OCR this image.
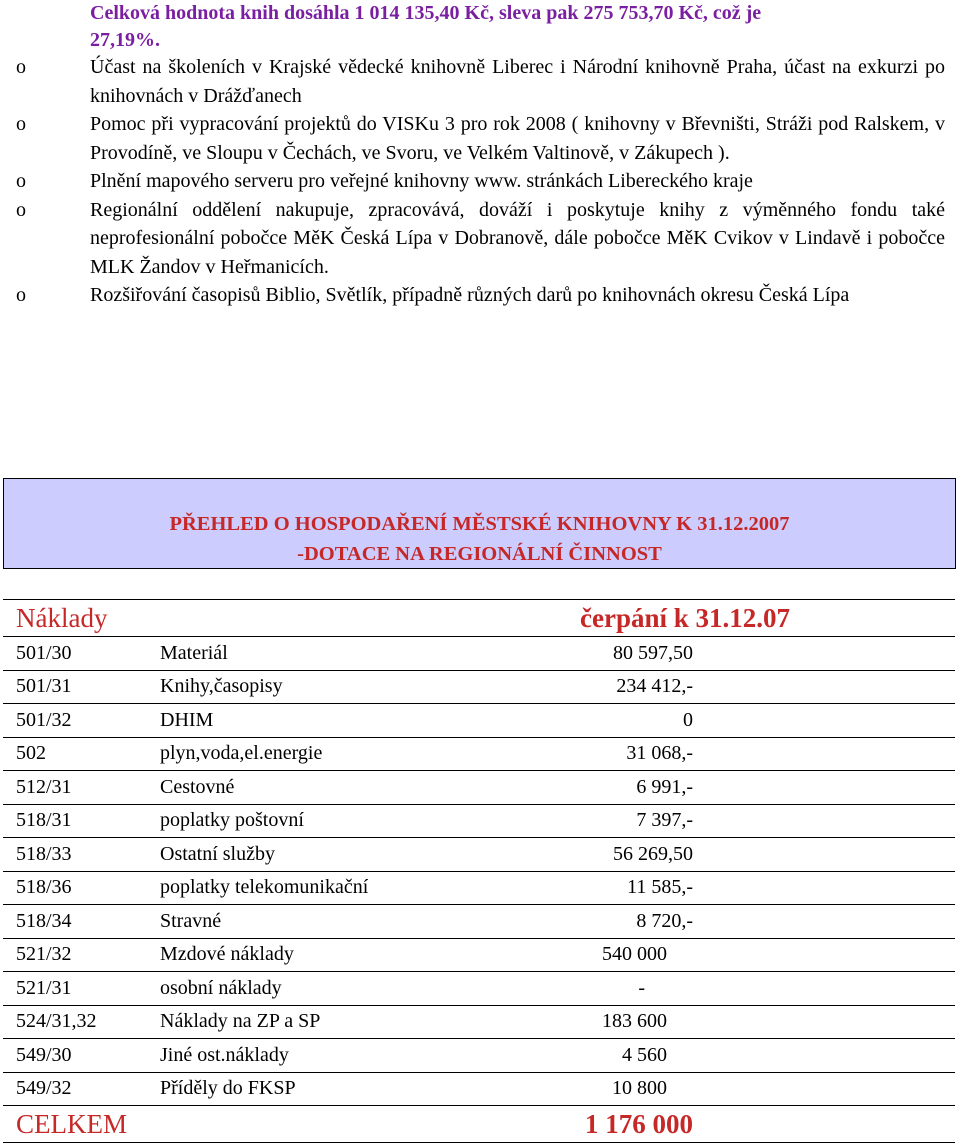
Celková hodnota knih dosáhla 1 014 135,40 Kč, sleva pak 275 753,70 Kč, což je
27,19%.
o	Účast na školeních v Krajské vědecké knihovně Liberec i Národní knihovně Praha, účast na exkurzi po knihovnách v Drážďanech
o	Pomoc při vypracování projektů do VISKu 3 pro rok 2008 ( knihovny v Břevništi, Stráži pod Ralskem, v Provodíně, ve Sloupu v Čechách, ve Svoru, ve Velkém Valtinově, v Zákupech ).
o	Plnění mapového serveru pro veřejné knihovny www. stránkách Libereckého kraje
o	Regionální oddělení nakupuje, zpracovává, dováží i poskytuje knihy z výměnného fondu také neprofesionální pobočce MěK Česká Lípa v Dobranově, dále pobočce MěK Cvikov v Lindavě i pobočce MLK Žandov v Heřmanicích.
o	Rozšiřování časopisů Biblio, Světlík, případně různých darů po knihovnách okresu Česká Lípa
PŘEHLED O HOSPODAŘENÍ MĚSTSKÉ KNIHOVNY K 31.12.2007
-DOTACE NA REGIONÁLNÍ ČINNOST
Náklady		čerpání k 31.12.07
501/30	Materiál	80 597,50
501/31	Knihy,časopisy	234 412,-
501/32	DHIM	0
502	plyn,voda,el.energie	31 068,-
512/31	Cestovné	6 991,-
518/31	poplatky poštovní	7 397,-
518/33	Ostatní služby	56 269,50
518/36	poplatky telekomunikační	11 585,-
518/34	Stravné	8 720,-
521/32	Mzdové náklady	540 000
521/31	osobní náklady	-
524/31,32	Náklady na ZP a SP	183 600
549/30	Jiné ost.náklady	4 560
549/32	Příděly do FKSP	10 800
CELKEM		1 176 000
